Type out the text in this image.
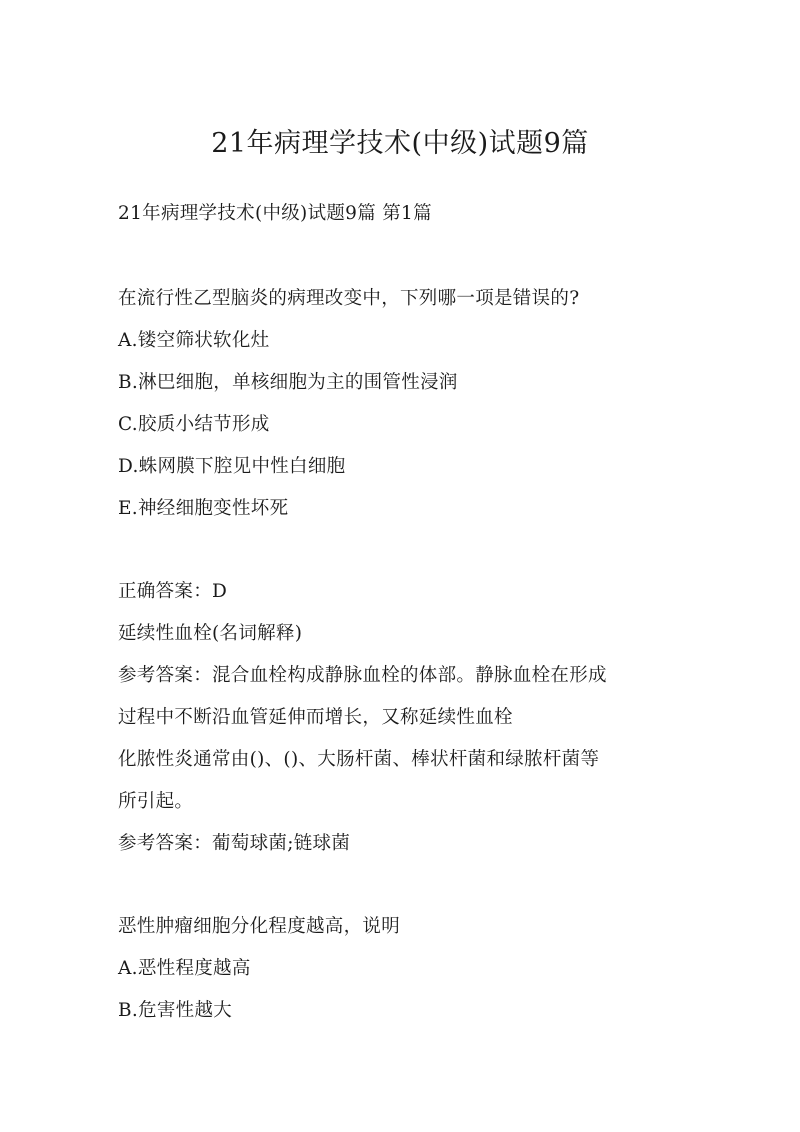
21年病理学技术(中级)试题9篇
21年病理学技术(中级)试题9篇 第1篇
在流行性乙型脑炎的病理改变中，下列哪一项是错误的?
A.镂空筛状软化灶
B.淋巴细胞，单核细胞为主的围管性浸润
C.胶质小结节形成
D.蛛网膜下腔见中性白细胞
E.神经细胞变性坏死
正确答案：D
延续性血栓(名词解释)
参考答案：混合血栓构成静脉血栓的体部。静脉血栓在形成
过程中不断沿血管延伸而增长，又称延续性血栓
化脓性炎通常由()、()、大肠杆菌、棒状杆菌和绿脓杆菌等
所引起。
参考答案：葡萄球菌;链球菌
恶性肿瘤细胞分化程度越高，说明
A.恶性程度越高
B.危害性越大
